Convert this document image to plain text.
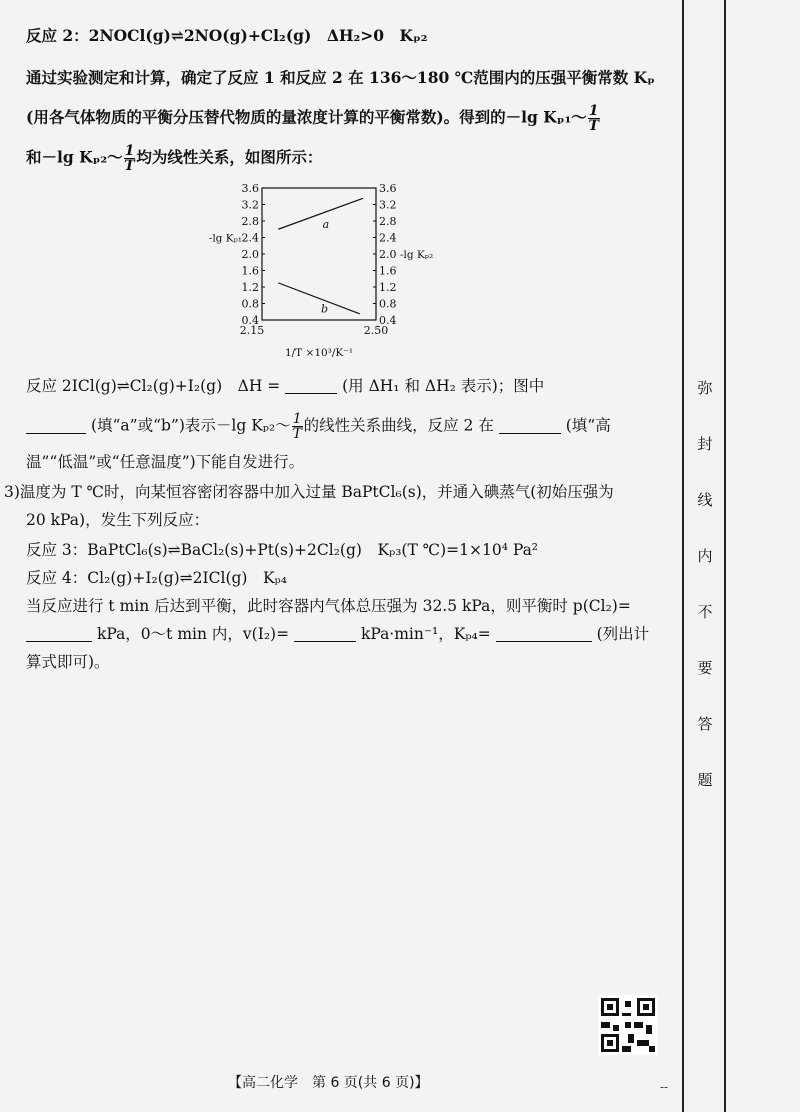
反应 2：2NOCl(g)⇌2NO(g)+Cl₂(g)　ΔH₂>0　Kₚ₂
通过实验测定和计算，确定了反应 1 和反应 2 在 136～180 ℃范围内的压强平衡常数 Kₚ
(用各气体物质的平衡分压替代物质的量浓度计算的平衡常数)。得到的－lg Kₚ₁～ $\frac{1}{T}$
和－lg Kₚ₂～ $\frac{1}{T}$ 均为线性关系，如图所示：
反应 2ICl(g)⇌Cl₂(g)+I₂(g)　ΔH =	(用 ΔH₁ 和 ΔH₂ 表示)；图中
(填“a”或“b”)表示－lg Kₚ₂～ $\frac{1}{T}$ 的线性关系曲线，反应 2 在	(填“高
温”“低温”或“任意温度”)下能自发进行。
3)温度为 T ℃时，向某恒容密闭容器中加入过量 BaPtCl₆(s)，并通入碘蒸气(初始压强为
20 kPa)，发生下列反应：
反应 3：BaPtCl₆(s)⇌BaCl₂(s)+Pt(s)+2Cl₂(g)　Kₚ₃(T ℃)=1×10⁴ Pa²
反应 4：Cl₂(g)+I₂(g)⇌2ICl(g)　Kₚ₄
当反应进行 t min 后达到平衡，此时容器内气体总压强为 32.5 kPa，则平衡时 p(Cl₂)=
kPa，0～t min 内，v(I₂)=	kPa·min⁻¹，Kₚ₄=	(列出计
算式即可)。
3.6	3.6
3.2	3.2
2.8	2.8
2.4	2.4
2.0	2.0
1.6	1.6
1.2	1.2
0.8	0.8
0.4	0.4
-lg Kₚ₁
-lg Kₚ₂
2.15	2.50
1/T ×10³/K⁻¹
a
b
弥
封
线
内
不
要
答
题
【高二化学　第 6 页(共 6 页)】	--
